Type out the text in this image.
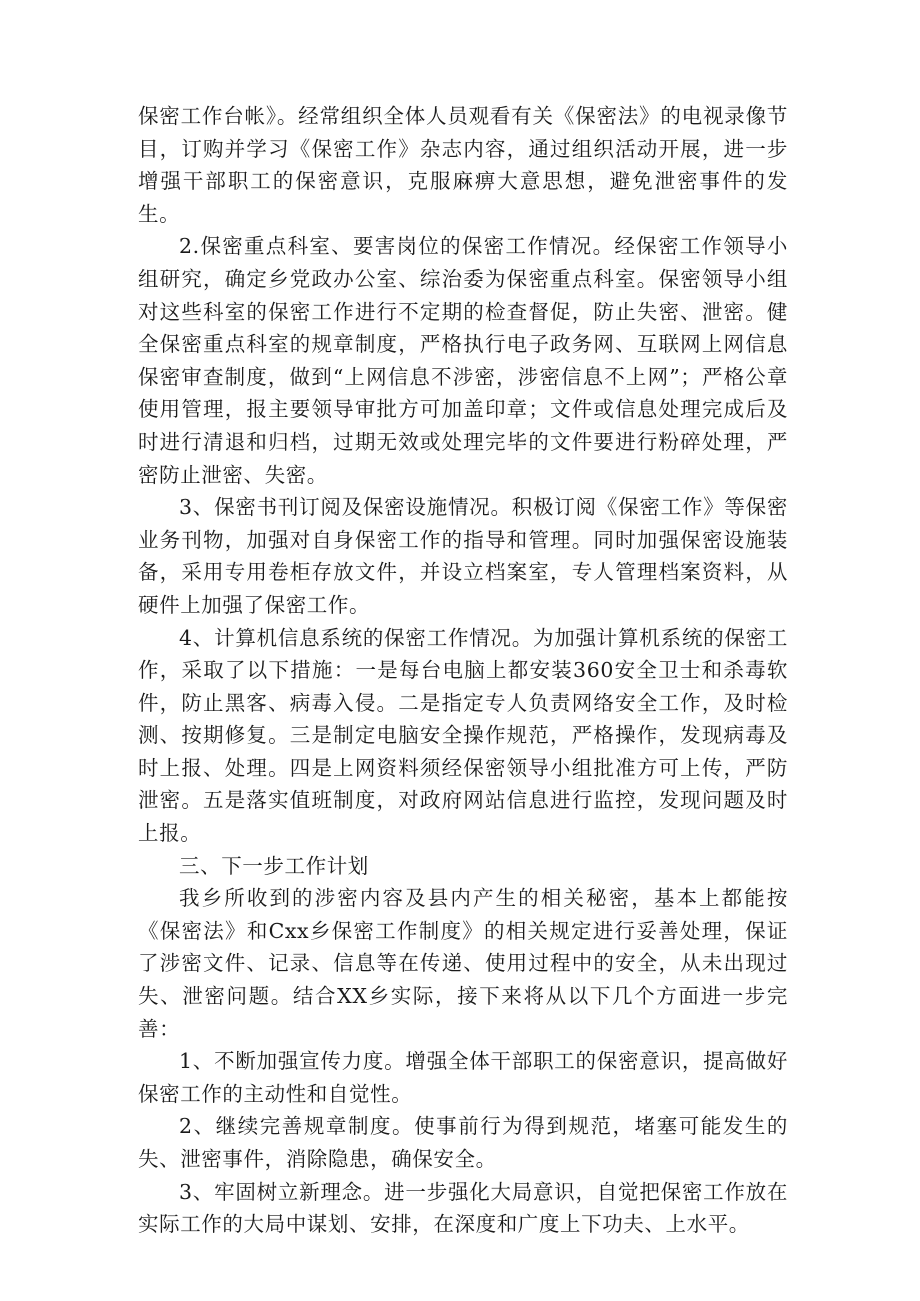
保密工作台帐》。经常组织全体人员观看有关《保密法》的电视录像节目，订购并学习《保密工作》杂志内容，通过组织活动开展，进一步增强干部职工的保密意识，克服麻痹大意思想，避免泄密事件的发生。

2.保密重点科室、要害岗位的保密工作情况。经保密工作领导小组研究，确定乡党政办公室、综治委为保密重点科室。保密领导小组对这些科室的保密工作进行不定期的检查督促，防止失密、泄密。健全保密重点科室的规章制度，严格执行电子政务网、互联网上网信息保密审查制度，做到“上网信息不涉密，涉密信息不上网”；严格公章使用管理，报主要领导审批方可加盖印章；文件或信息处理完成后及时进行清退和归档，过期无效或处理完毕的文件要进行粉碎处理，严密防止泄密、失密。

3、保密书刊订阅及保密设施情况。积极订阅《保密工作》等保密业务刊物，加强对自身保密工作的指导和管理。同时加强保密设施装备，采用专用卷柜存放文件，并设立档案室，专人管理档案资料，从硬件上加强了保密工作。

4、计算机信息系统的保密工作情况。为加强计算机系统的保密工作，采取了以下措施：一是每台电脑上都安装360安全卫士和杀毒软件，防止黑客、病毒入侵。二是指定专人负责网络安全工作，及时检测、按期修复。三是制定电脑安全操作规范，严格操作，发现病毒及时上报、处理。四是上网资料须经保密领导小组批准方可上传，严防泄密。五是落实值班制度，对政府网站信息进行监控，发现问题及时上报。

三、下一步工作计划

我乡所收到的涉密内容及县内产生的相关秘密，基本上都能按《保密法》和Cxx乡保密工作制度》的相关规定进行妥善处理，保证了涉密文件、记录、信息等在传递、使用过程中的安全，从未出现过失、泄密问题。结合XX乡实际，接下来将从以下几个方面进一步完善：

1、不断加强宣传力度。增强全体干部职工的保密意识，提高做好保密工作的主动性和自觉性。

2、继续完善规章制度。使事前行为得到规范，堵塞可能发生的失、泄密事件，消除隐患，确保安全。

3、牢固树立新理念。进一步强化大局意识，自觉把保密工作放在实际工作的大局中谋划、安排，在深度和广度上下功夫、上水平。
